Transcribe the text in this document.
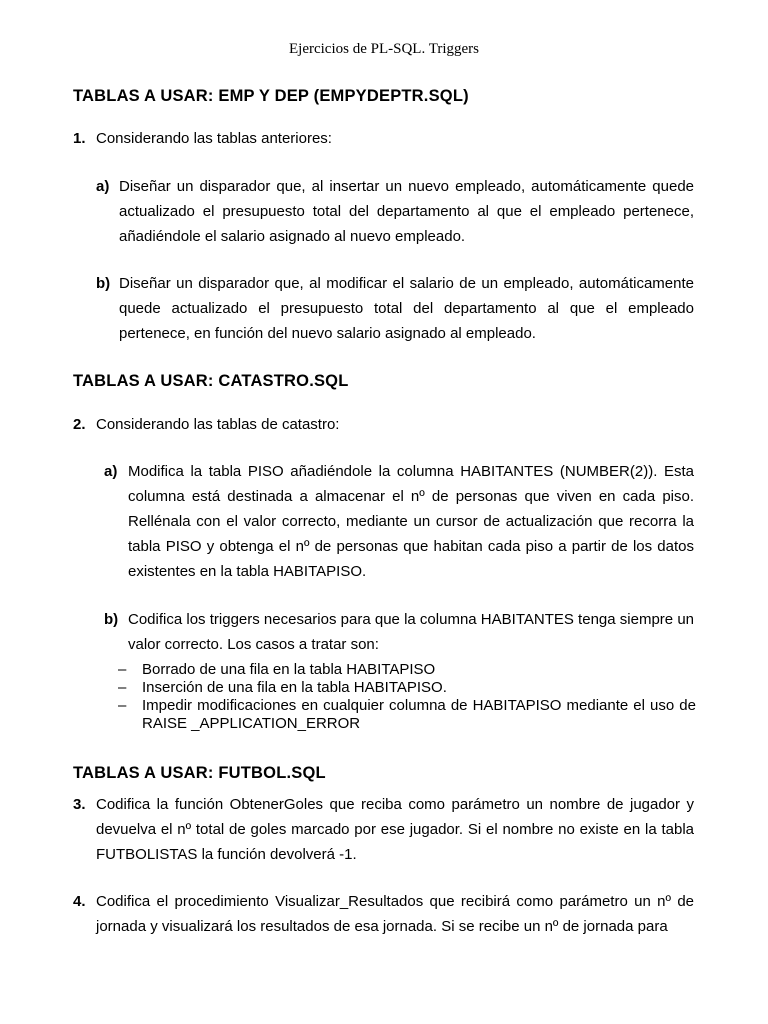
Ejercicios de PL-SQL. Triggers
TABLAS A USAR: EMP Y DEP (EMPYDEPTR.SQL)
1. Considerando las tablas anteriores:
a) Diseñar un disparador que, al insertar un nuevo empleado, automáticamente quede actualizado el presupuesto total del departamento al que el empleado pertenece, añadiéndole el salario asignado al nuevo empleado.

b) Diseñar un disparador que, al modificar el salario de un empleado, automáticamente quede actualizado el presupuesto total del departamento al que el empleado pertenece, en función del nuevo salario asignado al empleado.

TABLAS A USAR: CATASTRO.SQL
2. Considerando las tablas de catastro:
a) Modifica la tabla PISO añadiéndole la columna HABITANTES (NUMBER(2)). Esta columna está destinada a almacenar el nº de personas que viven en cada piso. Rellénala con el valor correcto, mediante un cursor de actualización que recorra la tabla PISO y obtenga el nº de personas que habitan cada piso a partir de los datos existentes en la tabla HABITAPISO.

b) Codifica los triggers necesarios para que la columna HABITANTES tenga siempre un valor correcto. Los casos a tratar son:

–	Borrado de una fila en la tabla HABITAPISO
–	Inserción de una fila en la tabla HABITAPISO.
–	Impedir modificaciones en cualquier columna de HABITAPISO mediante el uso de RAISE _APPLICATION_ERROR
TABLAS A USAR: FUTBOL.SQL
3. Codifica la función ObtenerGoles que reciba como parámetro un nombre de jugador y devuelva el nº total de goles marcado por ese jugador. Si el nombre no existe en la tabla FUTBOLISTAS la función devolverá -1.

4. Codifica el procedimiento Visualizar_Resultados que recibirá como parámetro un nº de jornada y visualizará los resultados de esa jornada. Si se recibe un nº de jornada para
